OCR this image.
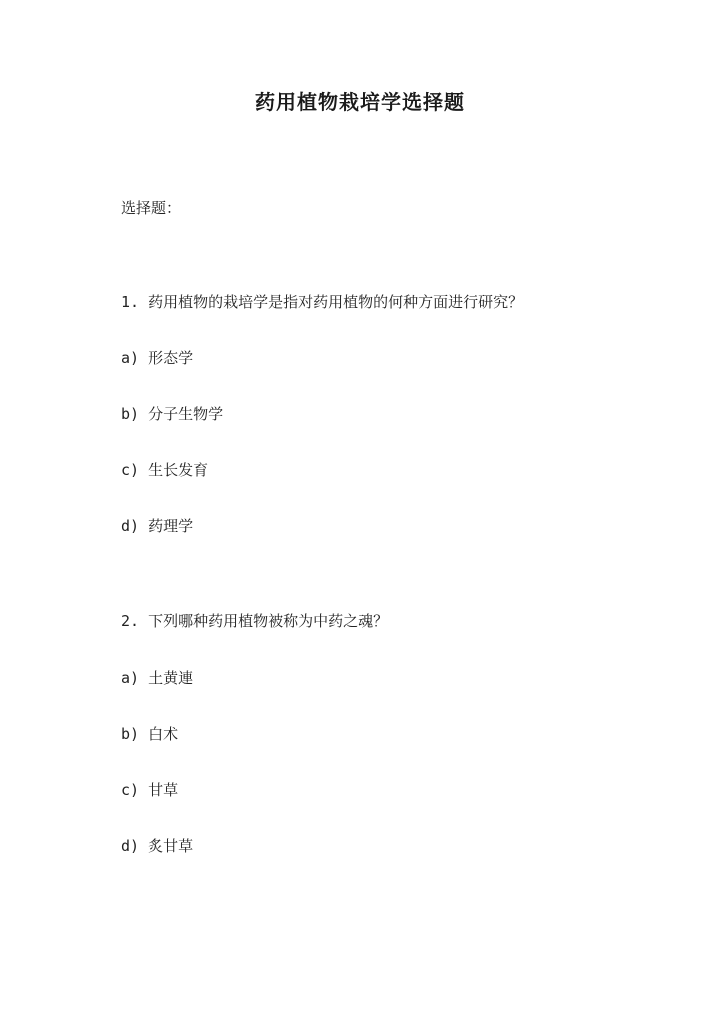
药用植物栽培学选择题
选择题：
1. 药用植物的栽培学是指对药用植物的何种方面进行研究？
a) 形态学
b) 分子生物学
c) 生长发育
d) 药理学
2. 下列哪种药用植物被称为中药之魂？
a) 土黄連
b) 白术
c) 甘草
d) 炙甘草
